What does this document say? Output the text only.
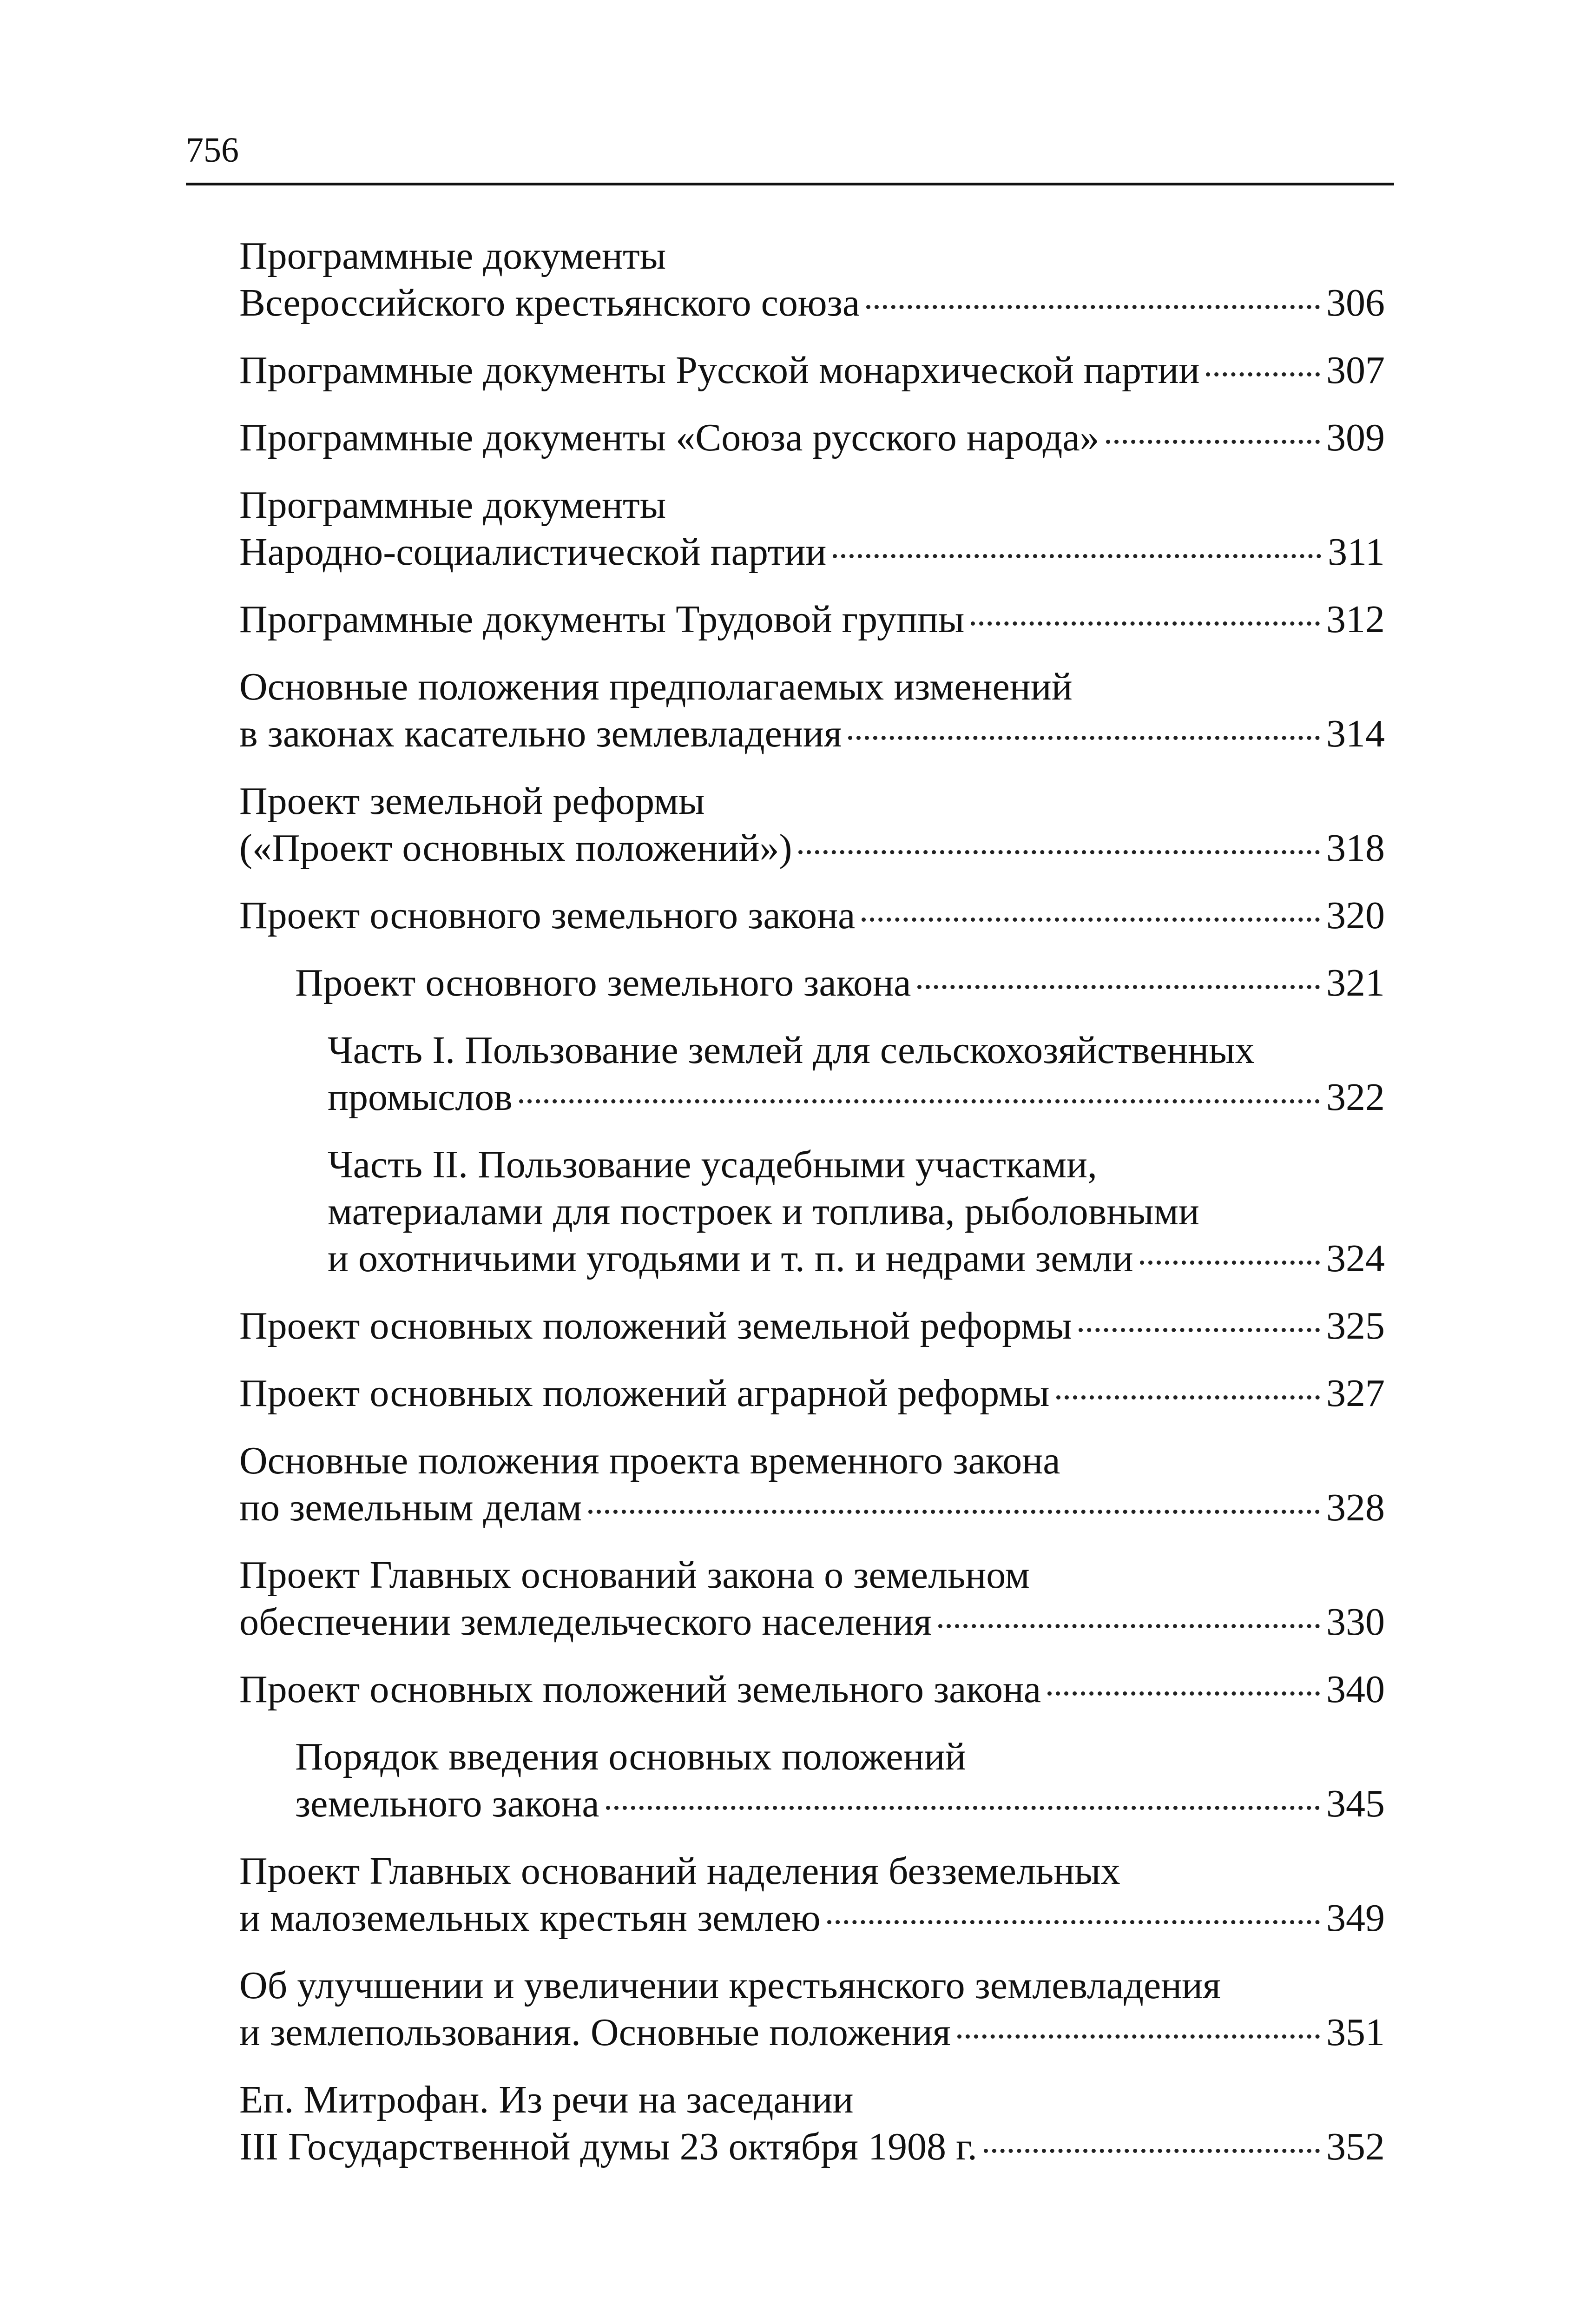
756
Программные документы
Всероссийского крестьянского союза	306
Программные документы Русской монархической партии	307
Программные документы «Союза русского народа»	309
Программные документы
Народно-социалистической партии	311
Программные документы Трудовой группы	312
Основные положения предполагаемых изменений
в законах касательно землевладения	314
Проект земельной реформы
(«Проект основных положений»)	318
Проект основного земельного закона	320
Проект основного земельного закона	321
Часть I. Пользование землей для сельскохозяйственных
промыслов	322
Часть II. Пользование усадебными участками,
материалами для построек и топлива, рыболовными
и охотничьими угодьями и т. п. и недрами земли	324
Проект основных положений земельной реформы	325
Проект основных положений аграрной реформы	327
Основные положения проекта временного закона
по земельным делам	328
Проект Главных оснований закона о земельном
обеспечении земледельческого населения	330
Проект основных положений земельного закона	340
Порядок введения основных положений
земельного закона	345
Проект Главных оснований наделения безземельных
и малоземельных крестьян землею	349
Об улучшении и увеличении крестьянского землевладения
и землепользования. Основные положения	351
Еп. Митрофан. Из речи на заседании
III Государственной думы 23 октября 1908 г.	352
